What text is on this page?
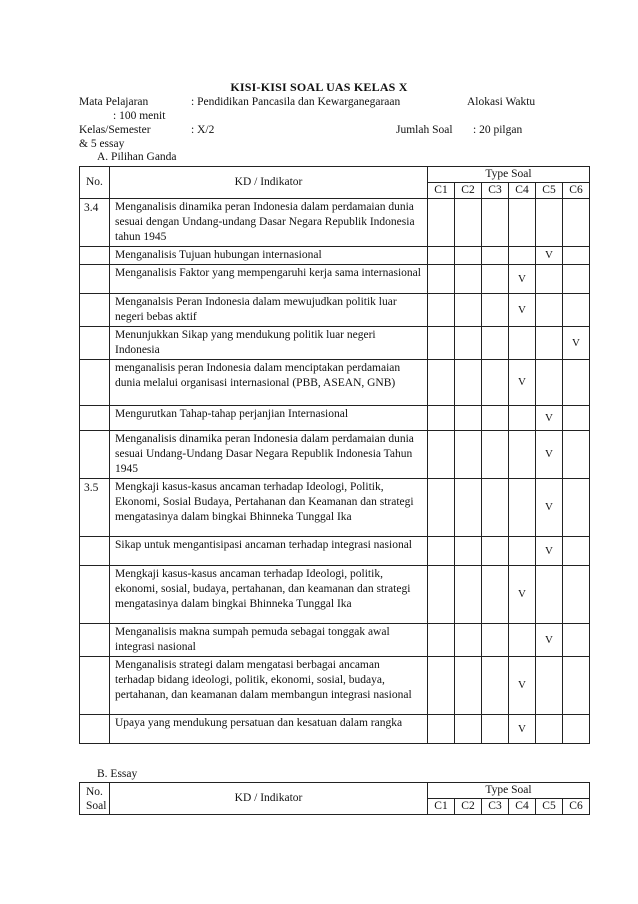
KISI-KISI SOAL UAS KELAS X
Mata Pelajaran	: Pendidikan Pancasila dan Kewarganegaraan	Alokasi Waktu
: 100 menit
Kelas/Semester	: X/2	Jumlah Soal : 20 pilgan
& 5 essay
A. Pilihan Ganda
No.	KD / Indikator	Type Soal					
		C1	C2	C3	C4	C5	C6
3.4	Menganalisis dinamika peran Indonesia dalam perdamaian dunia sesuai dengan Undang-undang Dasar Negara Republik Indonesia tahun 1945						
	Menganalisis Tujuan hubungan internasional					V	
	Menganalisis Faktor yang mempengaruhi kerja sama internasional				V		
	Menganalsis Peran Indonesia dalam mewujudkan politik luar negeri bebas aktif				V		
	Menunjukkan Sikap yang mendukung politik luar negeri Indonesia						V
	menganalisis peran Indonesia dalam menciptakan perdamaian dunia melalui organisasi internasional (PBB, ASEAN, GNB)				V		
	Mengurutkan Tahap-tahap perjanjian Internasional					V	
	Menganalisis dinamika peran Indonesia dalam perdamaian dunia sesuai Undang-Undang Dasar Negara Republik Indonesia Tahun 1945					V	
3.5	Mengkaji kasus-kasus ancaman terhadap Ideologi, Politik, Ekonomi, Sosial Budaya, Pertahanan dan Keamanan dan strategi mengatasinya dalam bingkai Bhinneka Tunggal Ika					V	
	Sikap untuk mengantisipasi ancaman terhadap integrasi nasional					V	
	Mengkaji kasus-kasus ancaman terhadap Ideologi, politik, ekonomi, sosial, budaya, pertahanan, dan keamanan dan strategi mengatasinya dalam bingkai Bhinneka Tunggal Ika				V		
	Menganalisis makna sumpah pemuda sebagai tonggak awal integrasi nasional					V	
	Menganalisis strategi dalam mengatasi berbagai ancaman terhadap bidang ideologi, politik, ekonomi, sosial, budaya, pertahanan, dan keamanan dalam membangun integrasi nasional				V		
	Upaya yang mendukung persatuan dan kesatuan dalam rangka				V		
B. Essay
No.
Soal	KD / Indikator	Type Soal					
		C1	C2	C3	C4	C5	C6
